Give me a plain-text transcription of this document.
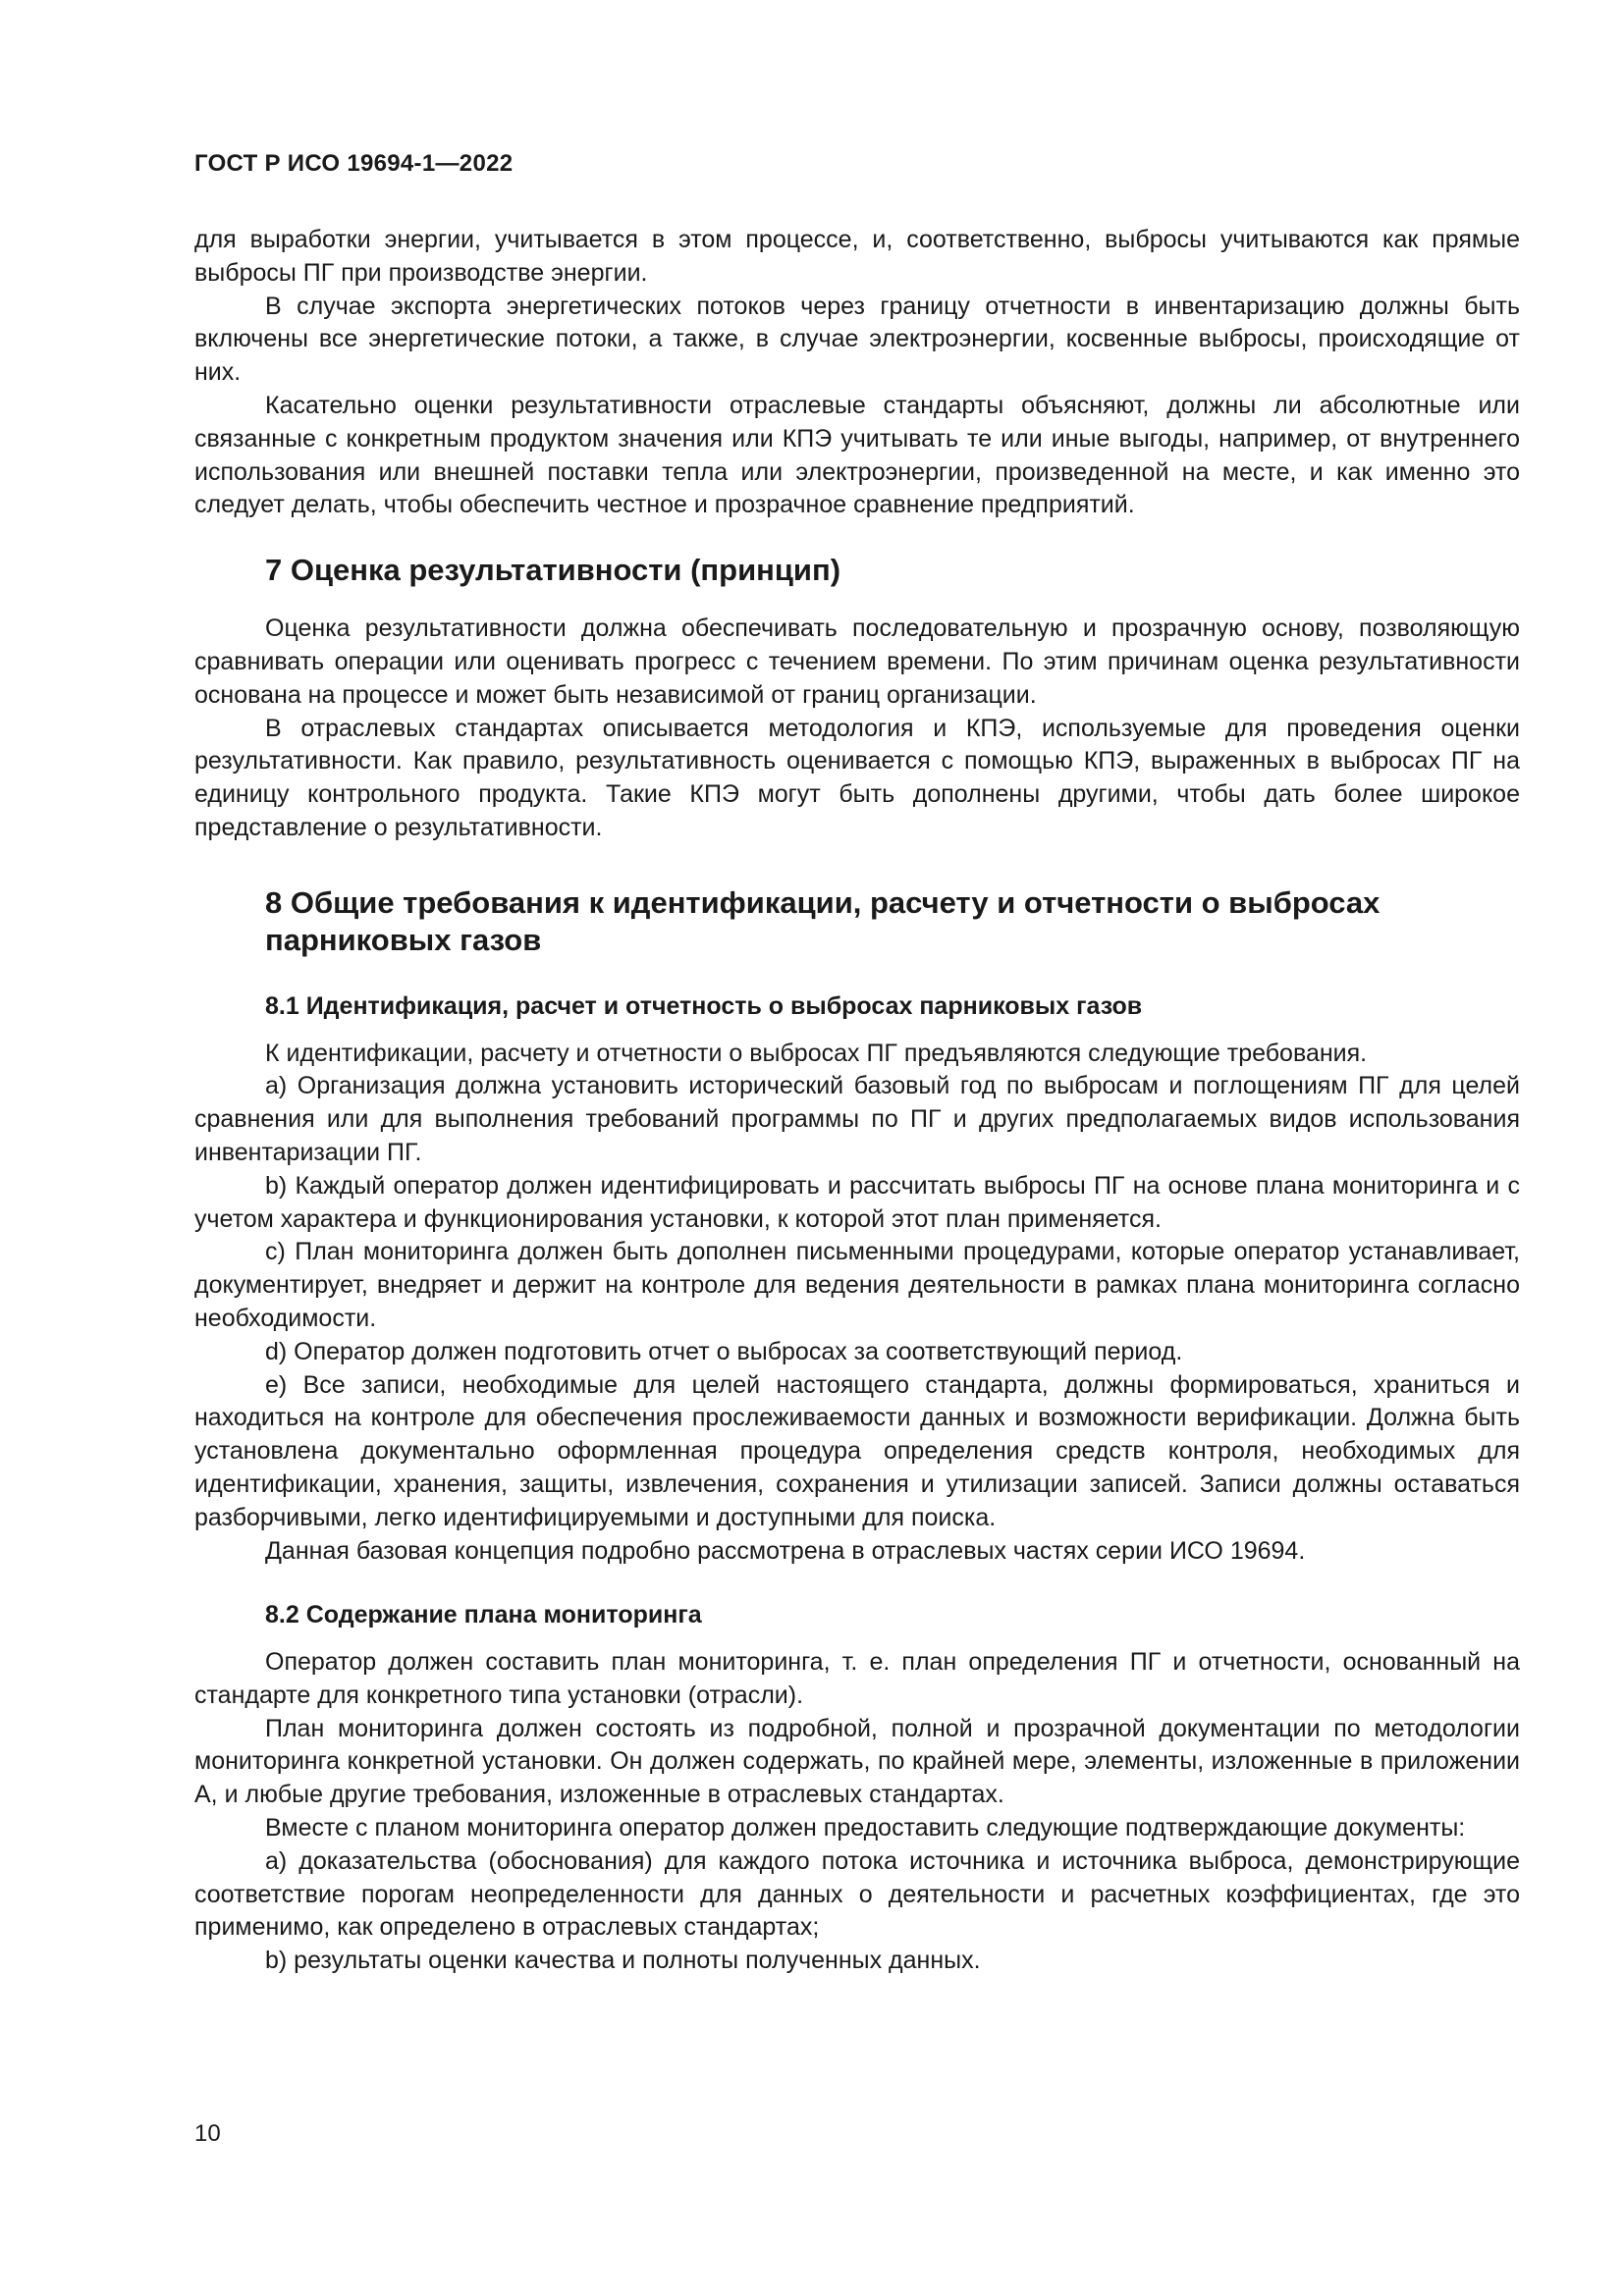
ГОСТ Р ИСО 19694-1—2022

для выработки энергии, учитывается в этом процессе, и, соответственно, выбросы учитываются как прямые выбросы ПГ при производстве энергии.

В случае экспорта энергетических потоков через границу отчетности в инвентаризацию должны быть включены все энергетические потоки, а также, в случае электроэнергии, косвенные выбросы, происходящие от них.

Касательно оценки результативности отраслевые стандарты объясняют, должны ли абсолютные или связанные с конкретным продуктом значения или КПЭ учитывать те или иные выгоды, например, от внутреннего использования или внешней поставки тепла или электроэнергии, произведенной на месте, и как именно это следует делать, чтобы обеспечить честное и прозрачное сравнение предприятий.

7 Оценка результативности (принцип)

Оценка результативности должна обеспечивать последовательную и прозрачную основу, позволяющую сравнивать операции или оценивать прогресс с течением времени. По этим причинам оценка результативности основана на процессе и может быть независимой от границ организации.

В отраслевых стандартах описывается методология и КПЭ, используемые для проведения оценки результативности. Как правило, результативность оценивается с помощью КПЭ, выраженных в выбросах ПГ на единицу контрольного продукта. Такие КПЭ могут быть дополнены другими, чтобы дать более широкое представление о результативности.

8 Общие требования к идентификации, расчету и отчетности о выбросах парниковых газов
8.1 Идентификация, расчет и отчетность о выбросах парниковых газов

К идентификации, расчету и отчетности о выбросах ПГ предъявляются следующие требования.

а) Организация должна установить исторический базовый год по выбросам и поглощениям ПГ для целей сравнения или для выполнения требований программы по ПГ и других предполагаемых видов использования инвентаризации ПГ.

b) Каждый оператор должен идентифицировать и рассчитать выбросы ПГ на основе плана мониторинга и с учетом характера и функционирования установки, к которой этот план применяется.

c) План мониторинга должен быть дополнен письменными процедурами, которые оператор устанавливает, документирует, внедряет и держит на контроле для ведения деятельности в рамках плана мониторинга согласно необходимости.

d) Оператор должен подготовить отчет о выбросах за соответствующий период.

e) Все записи, необходимые для целей настоящего стандарта, должны формироваться, храниться и находиться на контроле для обеспечения прослеживаемости данных и возможности верификации. Должна быть установлена документально оформленная процедура определения средств контроля, необходимых для идентификации, хранения, защиты, извлечения, сохранения и утилизации записей. Записи должны оставаться разборчивыми, легко идентифицируемыми и доступными для поиска.

Данная базовая концепция подробно рассмотрена в отраслевых частях серии ИСО 19694.

8.2 Содержание плана мониторинга

Оператор должен составить план мониторинга, т. е. план определения ПГ и отчетности, основанный на стандарте для конкретного типа установки (отрасли).

План мониторинга должен состоять из подробной, полной и прозрачной документации по методологии мониторинга конкретной установки. Он должен содержать, по крайней мере, элементы, изложенные в приложении А, и любые другие требования, изложенные в отраслевых стандартах.

Вместе с планом мониторинга оператор должен предоставить следующие подтверждающие документы:

а) доказательства (обоснования) для каждого потока источника и источника выброса, демонстрирующие соответствие порогам неопределенности для данных о деятельности и расчетных коэффициентах, где это применимо, как определено в отраслевых стандартах;

b) результаты оценки качества и полноты полученных данных.

10
